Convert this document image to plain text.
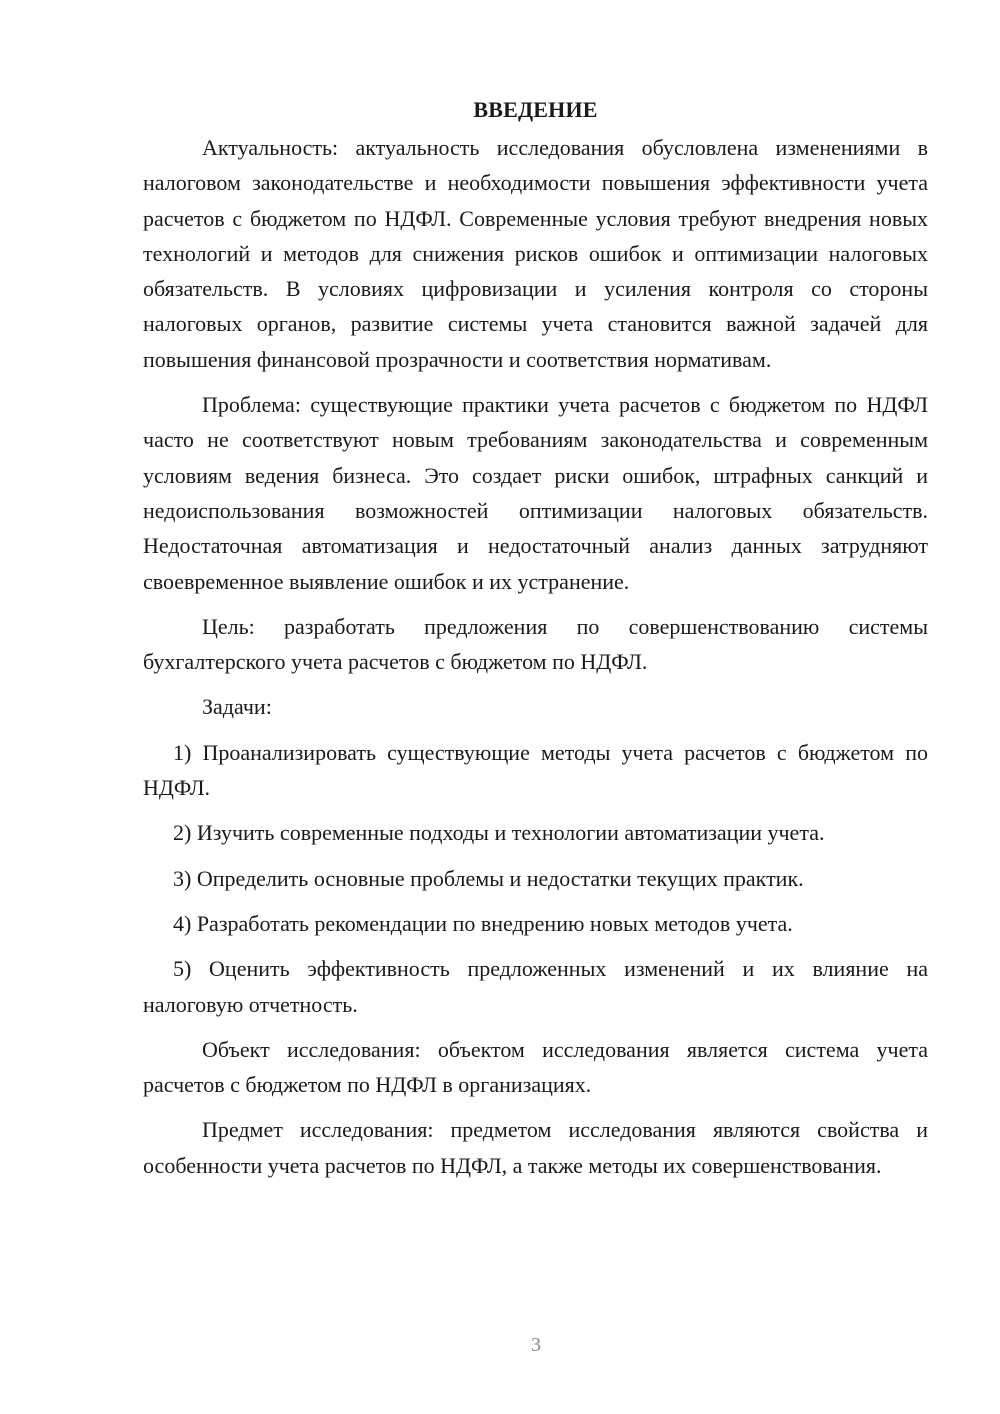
ВВЕДЕНИЕ

Актуальность: актуальность исследования обусловлена изменениями в налоговом законодательстве и необходимости повышения эффективности учета расчетов с бюджетом по НДФЛ. Современные условия требуют внедрения новых технологий и методов для снижения рисков ошибок и оптимизации налоговых обязательств. В условиях цифровизации и усиления контроля со стороны налоговых органов, развитие системы учета становится важной задачей для повышения финансовой прозрачности и соответствия нормативам.

Проблема: существующие практики учета расчетов с бюджетом по НДФЛ часто не соответствуют новым требованиям законодательства и современным условиям ведения бизнеса. Это создает риски ошибок, штрафных санкций и недоиспользования возможностей оптимизации налоговых обязательств. Недостаточная автоматизация и недостаточный анализ данных затрудняют своевременное выявление ошибок и их устранение.

Цель: разработать предложения по совершенствованию системы бухгалтерского учета расчетов с бюджетом по НДФЛ.

Задачи:

1) Проанализировать существующие методы учета расчетов с бюджетом по НДФЛ.

2) Изучить современные подходы и технологии автоматизации учета.

3) Определить основные проблемы и недостатки текущих практик.

4) Разработать рекомендации по внедрению новых методов учета.

5) Оценить эффективность предложенных изменений и их влияние на налоговую отчетность.

Объект исследования: объектом исследования является система учета расчетов с бюджетом по НДФЛ в организациях.

Предмет исследования: предметом исследования являются свойства и особенности учета расчетов по НДФЛ, а также методы их совершенствования.

3
